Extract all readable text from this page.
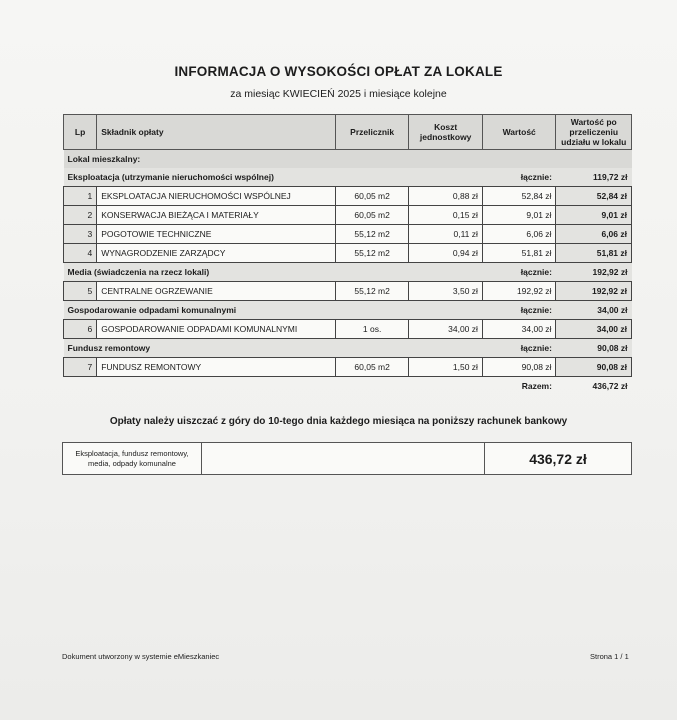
INFORMACJA O WYSOKOŚCI OPŁAT ZA LOKALE
za miesiąc KWIECIEŃ 2025 i miesiące kolejne
Lp	Składnik opłaty	Przelicznik	Koszt jednostkowy	Wartość	Wartość po przeliczeniu udziału w lokalu
Lokal mieszkalny:					
Eksploatacja (utrzymanie nieruchomości wspólnej)				łącznie:	119,72 zł
1	EKSPLOATACJA NIERUCHOMOŚCI WSPÓLNEJ	60,05 m2	0,88 zł	52,84 zł	52,84 zł
2	KONSERWACJA BIEŻĄCA I MATERIAŁY	60,05 m2	0,15 zł	9,01 zł	9,01 zł
3	POGOTOWIE TECHNICZNE	55,12 m2	0,11 zł	6,06 zł	6,06 zł
4	WYNAGRODZENIE ZARZĄDCY	55,12 m2	0,94 zł	51,81 zł	51,81 zł
Media (świadczenia na rzecz lokali)				łącznie:	192,92 zł
5	CENTRALNE OGRZEWANIE	55,12 m2	3,50 zł	192,92 zł	192,92 zł
Gospodarowanie odpadami komunalnymi				łącznie:	34,00 zł
6	GOSPODAROWANIE ODPADAMI KOMUNALNYMI	1 os.	34,00 zł	34,00 zł	34,00 zł
Fundusz remontowy				łącznie:	90,08 zł
7	FUNDUSZ REMONTOWY	60,05 m2	1,50 zł	90,08 zł	90,08 zł
				Razem:	436,72 zł
Opłaty należy uiszczać z góry do 10-tego dnia każdego miesiąca na poniższy rachunek bankowy
Eksploatacja, fundusz remontowy, media, odpady komunalne		436,72 zł
Dokument utworzony w systemie eMieszkaniec	Strona 1 / 1
